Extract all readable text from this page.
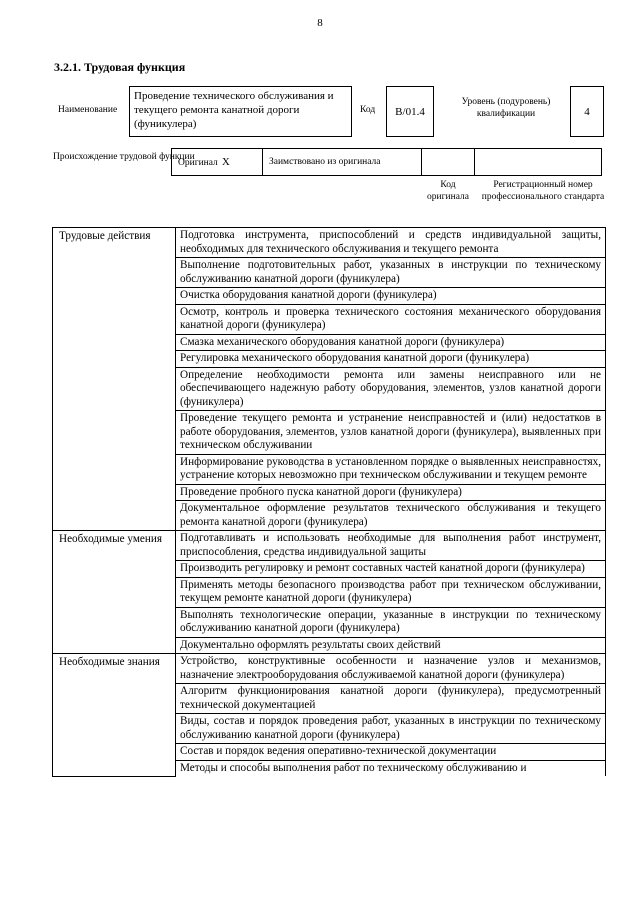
8
3.2.1. Трудовая функция
Наименование
Проведение технического обслуживания и текущего ремонта канатной дороги (фуникулера)
Код	В/01.4
Уровень (подуровень) квалификации	4
Происхождение трудовой функции
Оригинал X	Заимствовано из оригинала		
Код оригинала
Регистрационный номер профессионального стандарта
Трудовые действия	Подготовка инструмента, приспособлений и средств индивидуальной защиты, необходимых для технического обслуживания и текущего ремонта
	Выполнение подготовительных работ, указанных в инструкции по техническому обслуживанию канатной дороги (фуникулера)
	Очистка оборудования канатной дороги (фуникулера)
	Осмотр, контроль и проверка технического состояния механического оборудования канатной дороги (фуникулера)
	Смазка механического оборудования канатной дороги (фуникулера)
	Регулировка механического оборудования канатной дороги (фуникулера)
	Определение необходимости ремонта или замены неисправного или не обеспечивающего надежную работу оборудования, элементов, узлов канатной дороги (фуникулера)
	Проведение текущего ремонта и устранение неисправностей и (или) недостатков в работе оборудования, элементов, узлов канатной дороги (фуникулера), выявленных при техническом обслуживании
	Информирование руководства в установленном порядке о выявленных неисправностях, устранение которых невозможно при техническом обслуживании и текущем ремонте
	Проведение пробного пуска канатной дороги (фуникулера)
	Документальное оформление результатов технического обслуживания и текущего ремонта канатной дороги (фуникулера)
Необходимые умения	Подготавливать и использовать необходимые для выполнения работ инструмент, приспособления, средства индивидуальной защиты
	Производить регулировку и ремонт составных частей канатной дороги (фуникулера)
	Применять методы безопасного производства работ при техническом обслуживании, текущем ремонте канатной дороги (фуникулера)
	Выполнять технологические операции, указанные в инструкции по техническому обслуживанию канатной дороги (фуникулера)
	Документально оформлять результаты своих действий
Необходимые знания	Устройство, конструктивные особенности и назначение узлов и механизмов, назначение электрооборудования обслуживаемой канатной дороги (фуникулера)
	Алгоритм функционирования канатной дороги (фуникулера), предусмотренный технической документацией
	Виды, состав и порядок проведения работ, указанных в инструкции по техническому обслуживанию канатной дороги (фуникулера)
	Состав и порядок ведения оперативно-технической документации
	Методы и способы выполнения работ по техническому обслуживанию и
